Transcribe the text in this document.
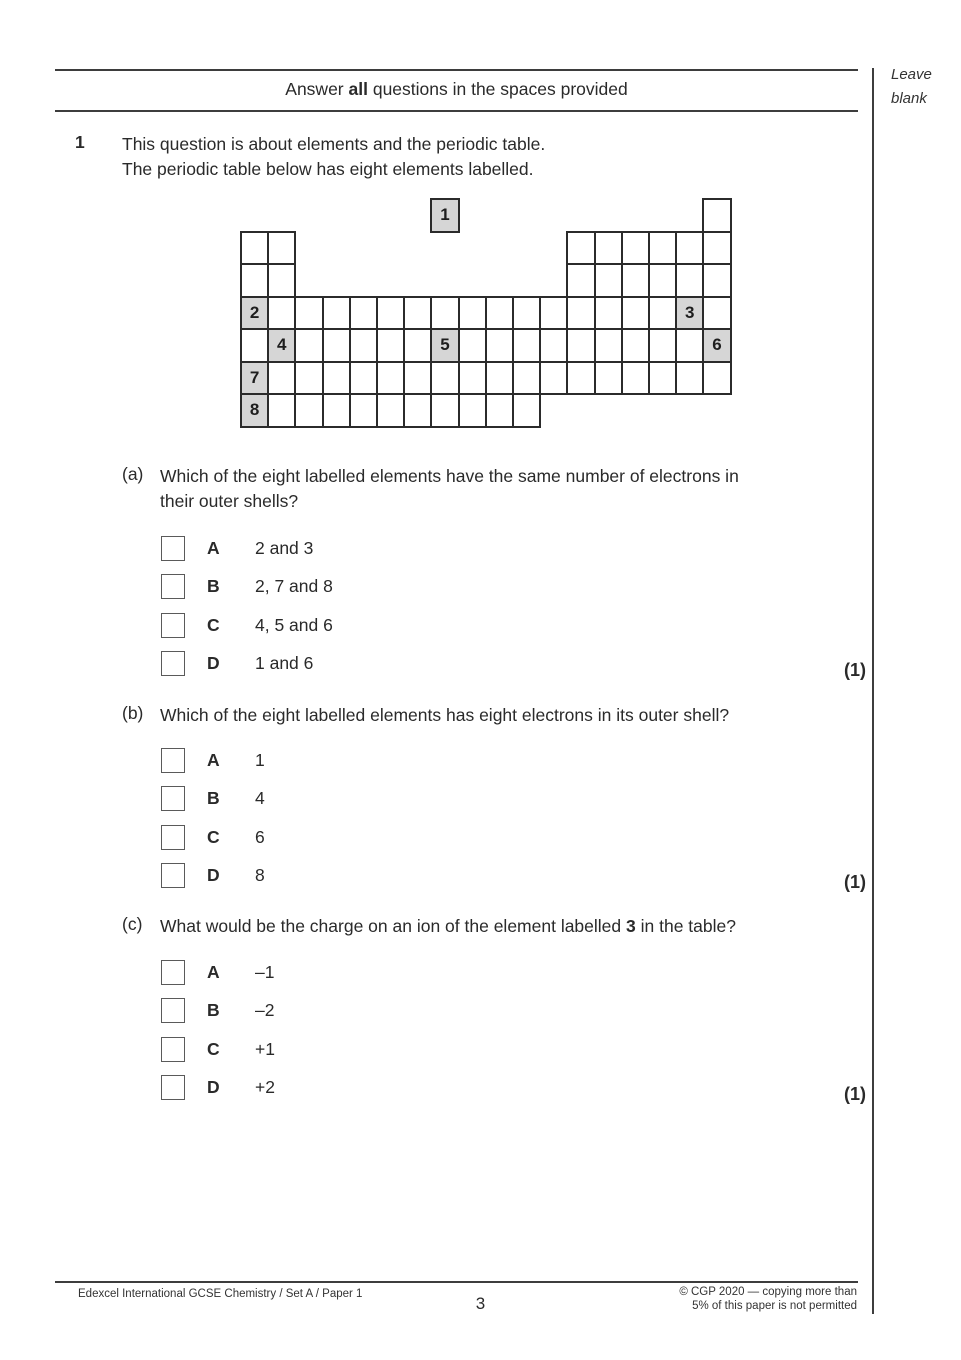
Answer all questions in the spaces provided
Leave
blank
1 This question is about elements and the periodic table.
The periodic table below has eight elements labelled.
1
2	3
4	5	6
7
8
(a) Which of the eight labelled elements have the same number of electrons in
their outer shells?
A	2 and 3
B	2, 7 and 8
C	4, 5 and 6
D	1 and 6	(1)
(b) Which of the eight labelled elements has eight electrons in its outer shell?
A	1
B	4
C	6
D	8	(1)
(c) What would be the charge on an ion of the element labelled 3 in the table?
A	–1
B	–2
C	+1
D	+2	(1)
Edexcel International GCSE Chemistry / Set A / Paper 1	3
© CGP 2020 — copying more than
5% of this paper is not permitted
